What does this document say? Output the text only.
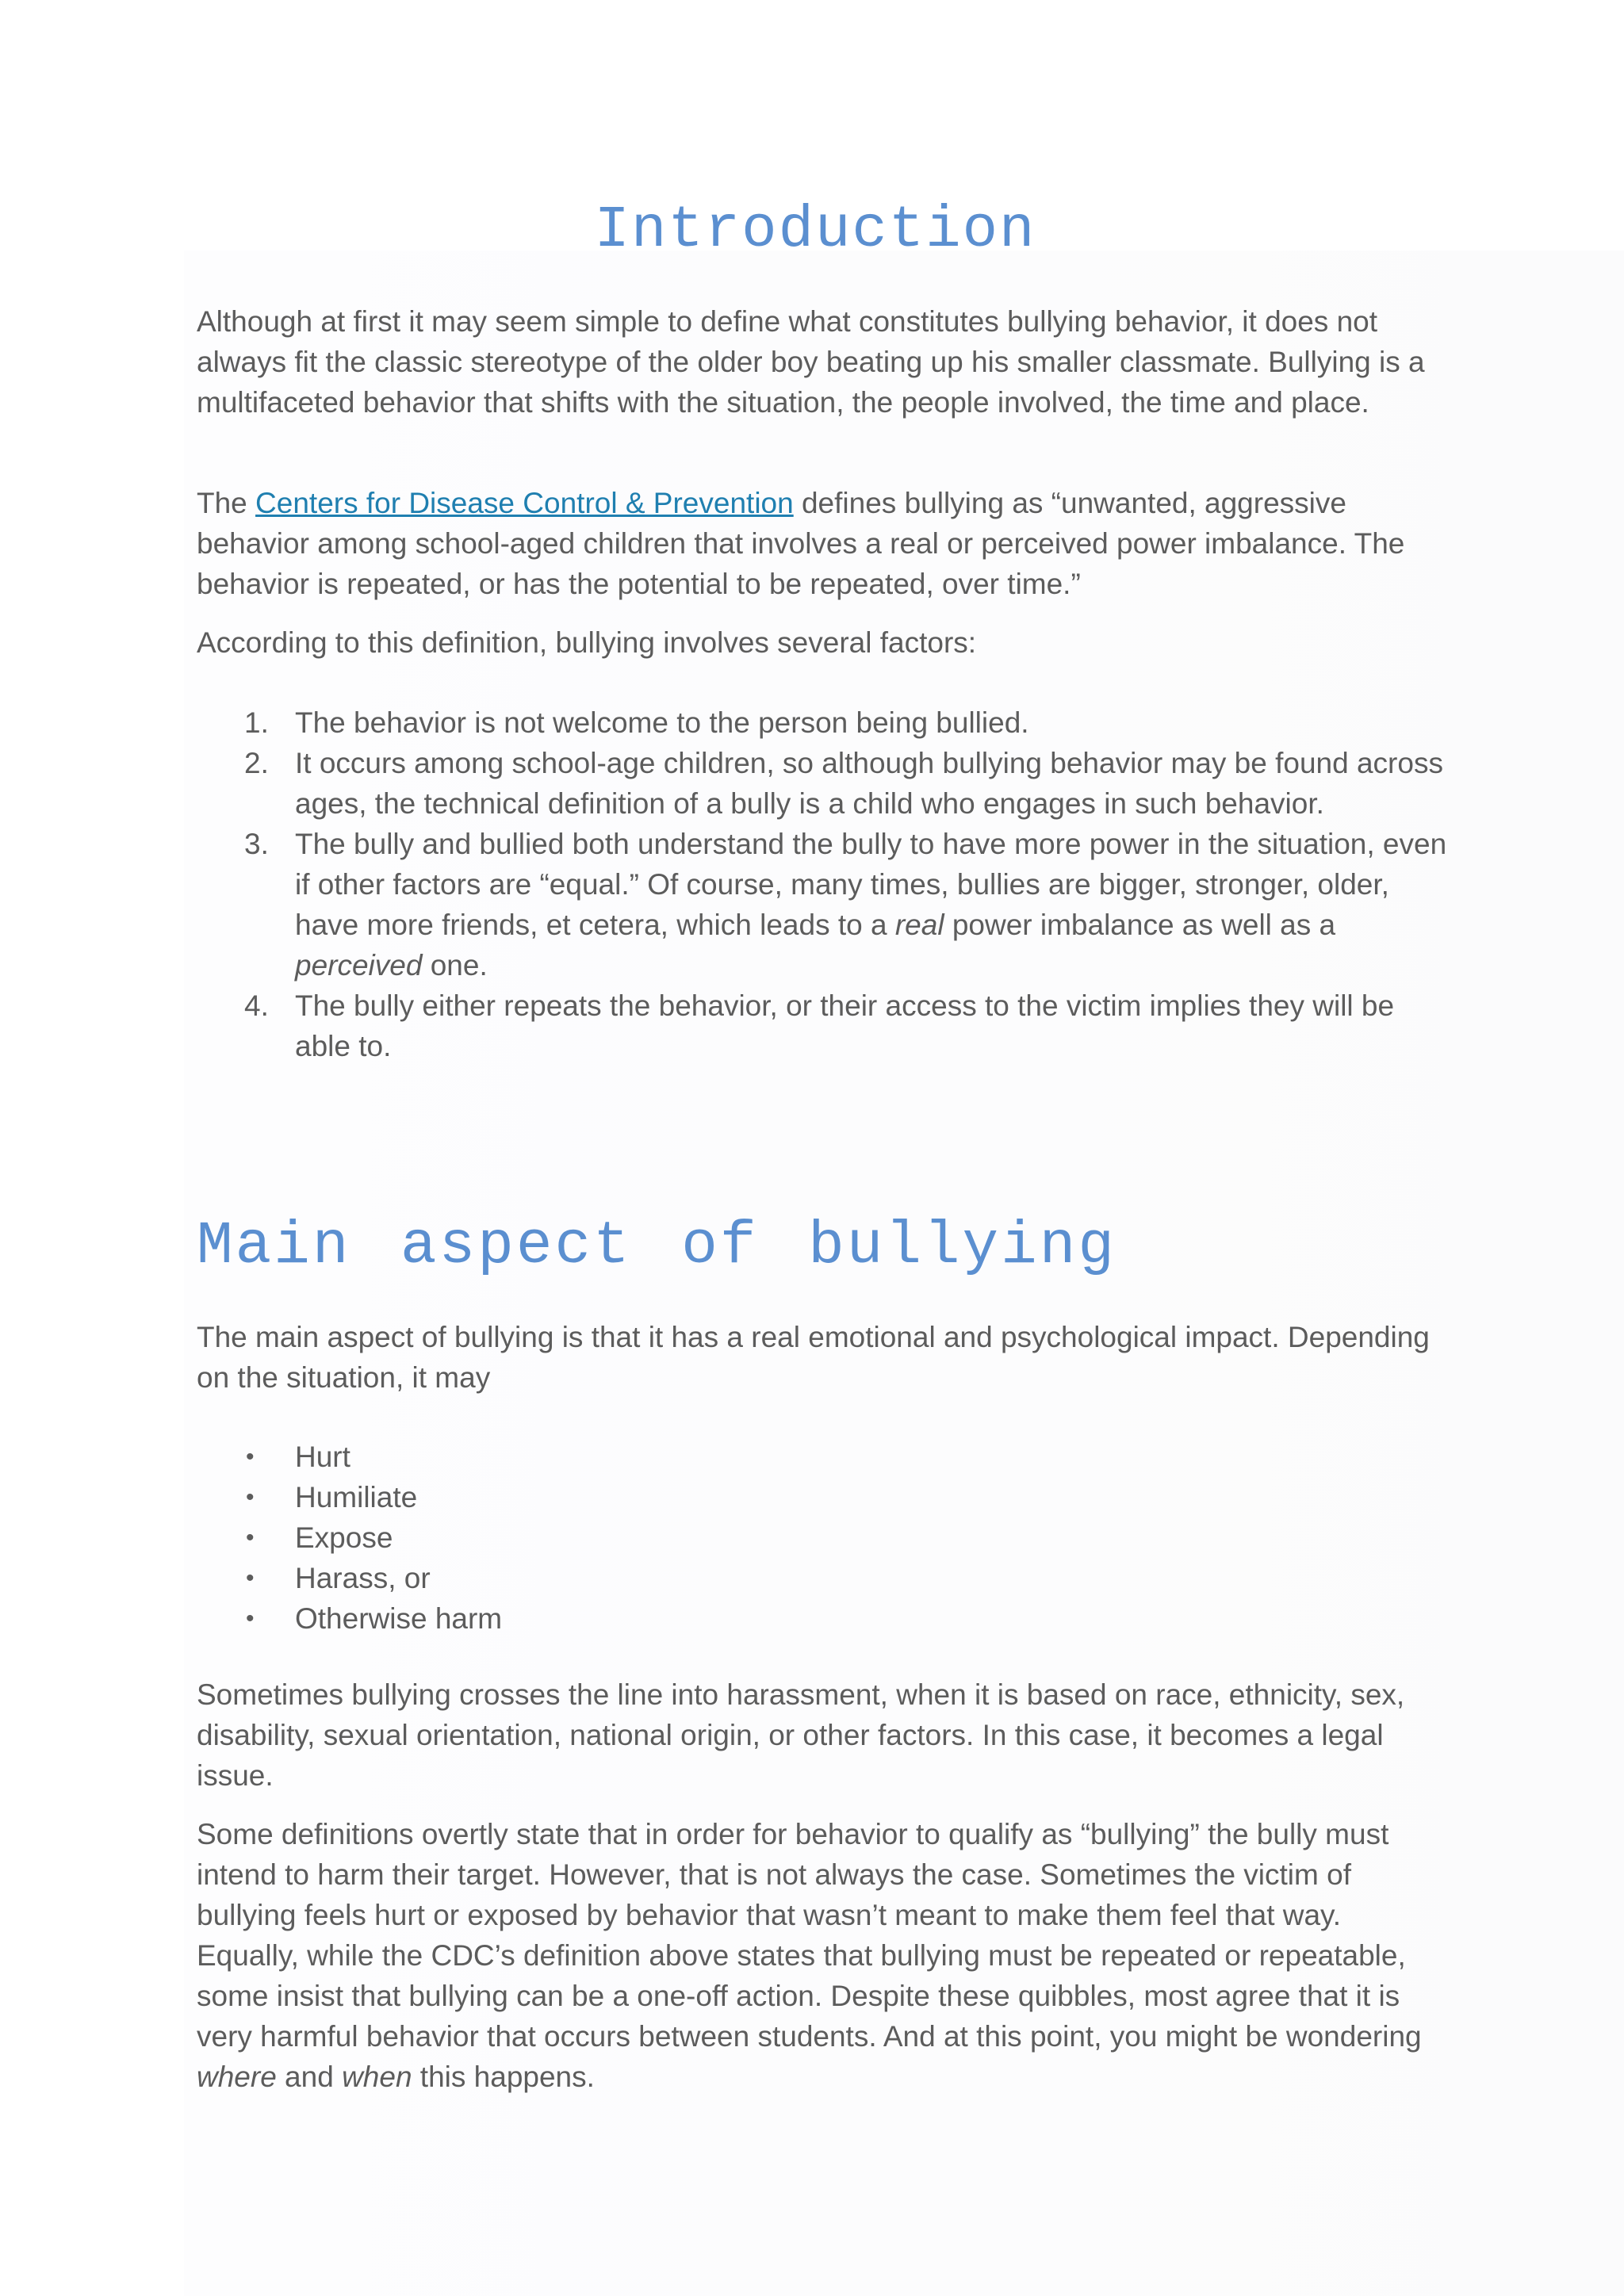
Introduction

Although at first it may seem simple to define what constitutes bullying behavior, it does not always fit the classic stereotype of the older boy beating up his smaller classmate. Bullying is a multifaceted behavior that shifts with the situation, the people involved, the time and place.

The Centers for Disease Control & Prevention defines bullying as “unwanted, aggressive behavior among school-aged children that involves a real or perceived power imbalance. The behavior is repeated, or has the potential to be repeated, over time.”

According to this definition, bullying involves several factors:

1. The behavior is not welcome to the person being bullied.
2. It occurs among school-age children, so although bullying behavior may be found across ages, the technical definition of a bully is a child who engages in such behavior.
3. The bully and bullied both understand the bully to have more power in the situation, even if other factors are “equal.” Of course, many times, bullies are bigger, stronger, older, have more friends, et cetera, which leads to a real power imbalance as well as a perceived one.
4. The bully either repeats the behavior, or their access to the victim implies they will be able to.
Main aspect of bullying

The main aspect of bullying is that it has a real emotional and psychological impact. Depending on the situation, it may

•	Hurt
•	Humiliate
•	Expose
•	Harass, or
•	Otherwise harm

Sometimes bullying crosses the line into harassment, when it is based on race, ethnicity, sex, disability, sexual orientation, national origin, or other factors. In this case, it becomes a legal issue.

Some definitions overtly state that in order for behavior to qualify as “bullying” the bully must intend to harm their target. However, that is not always the case. Sometimes the victim of bullying feels hurt or exposed by behavior that wasn’t meant to make them feel that way. Equally, while the CDC’s definition above states that bullying must be repeated or repeatable, some insist that bullying can be a one-off action. Despite these quibbles, most agree that it is very harmful behavior that occurs between students. And at this point, you might be wondering where and when this happens.
